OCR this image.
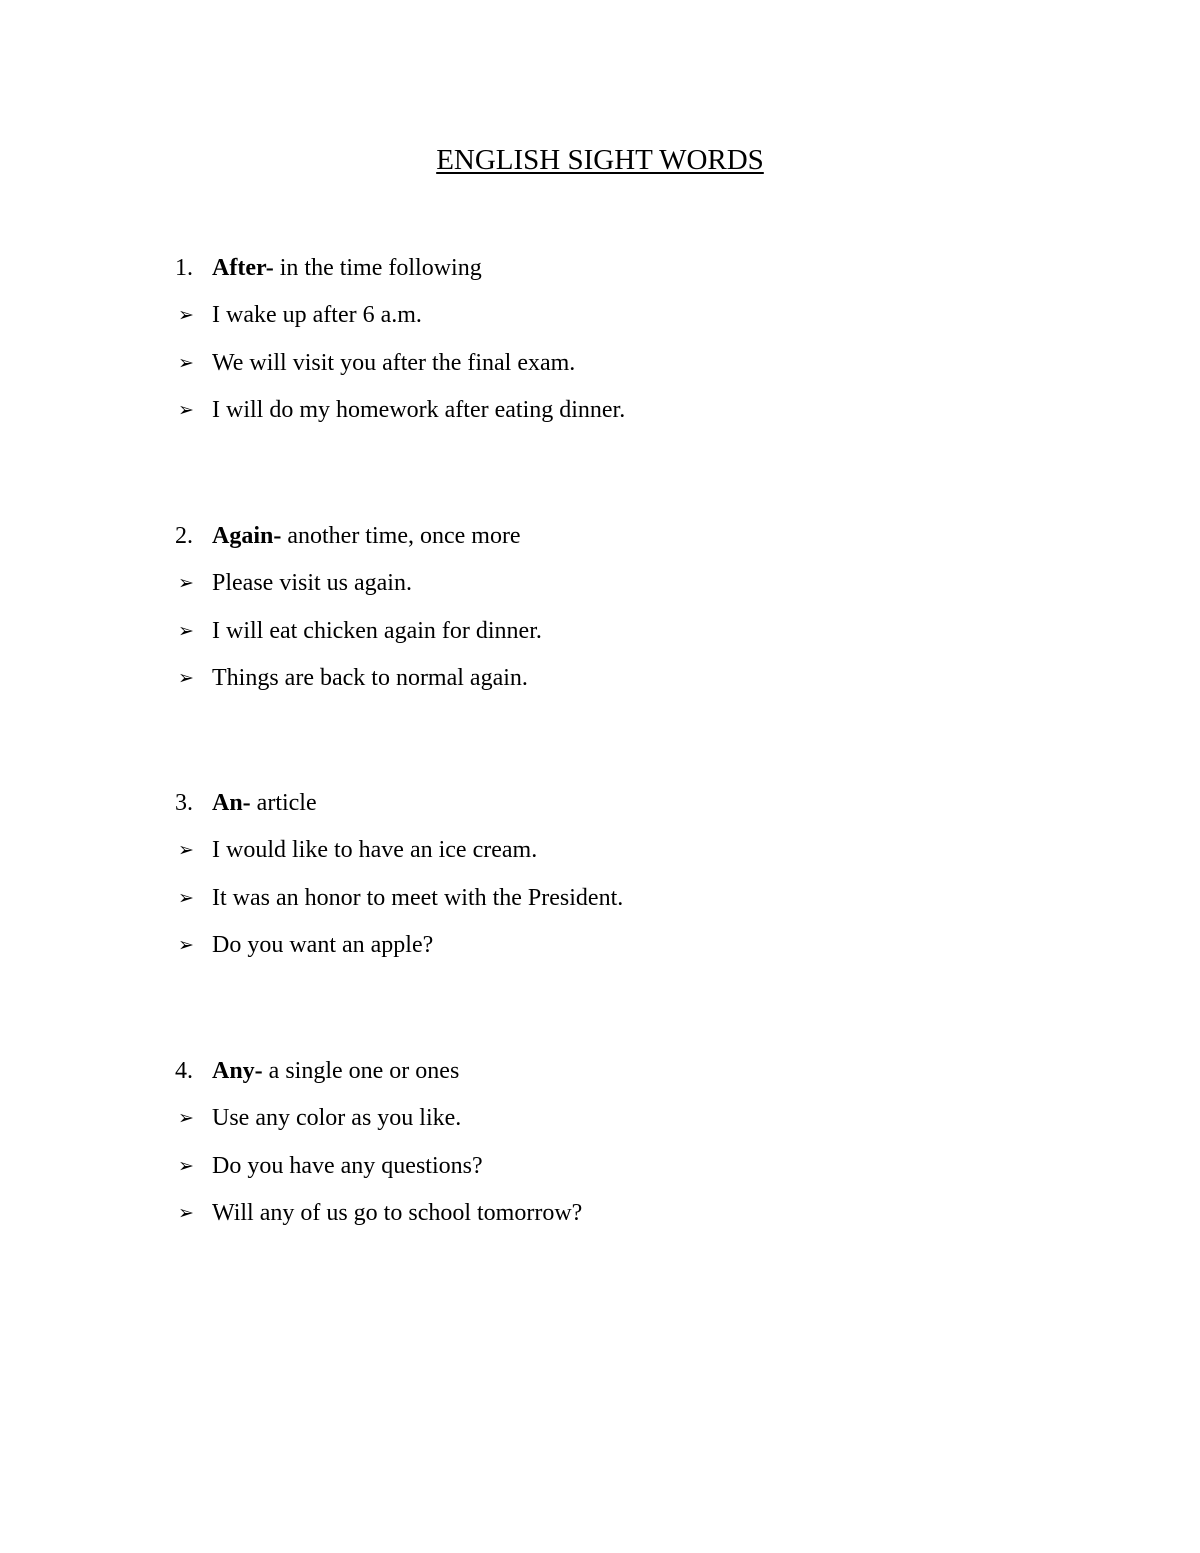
ENGLISH SIGHT WORDS
1. After- in the time following
➢ I wake up after 6 a.m.
➢ We will visit you after the final exam.
➢ I will do my homework after eating dinner.
2. Again- another time, once more
➢ Please visit us again.
➢ I will eat chicken again for dinner.
➢ Things are back to normal again.
3. An- article
➢ I would like to have an ice cream.
➢ It was an honor to meet with the President.
➢ Do you want an apple?
4. Any- a single one or ones
➢ Use any color as you like.
➢ Do you have any questions?
➢ Will any of us go to school tomorrow?
